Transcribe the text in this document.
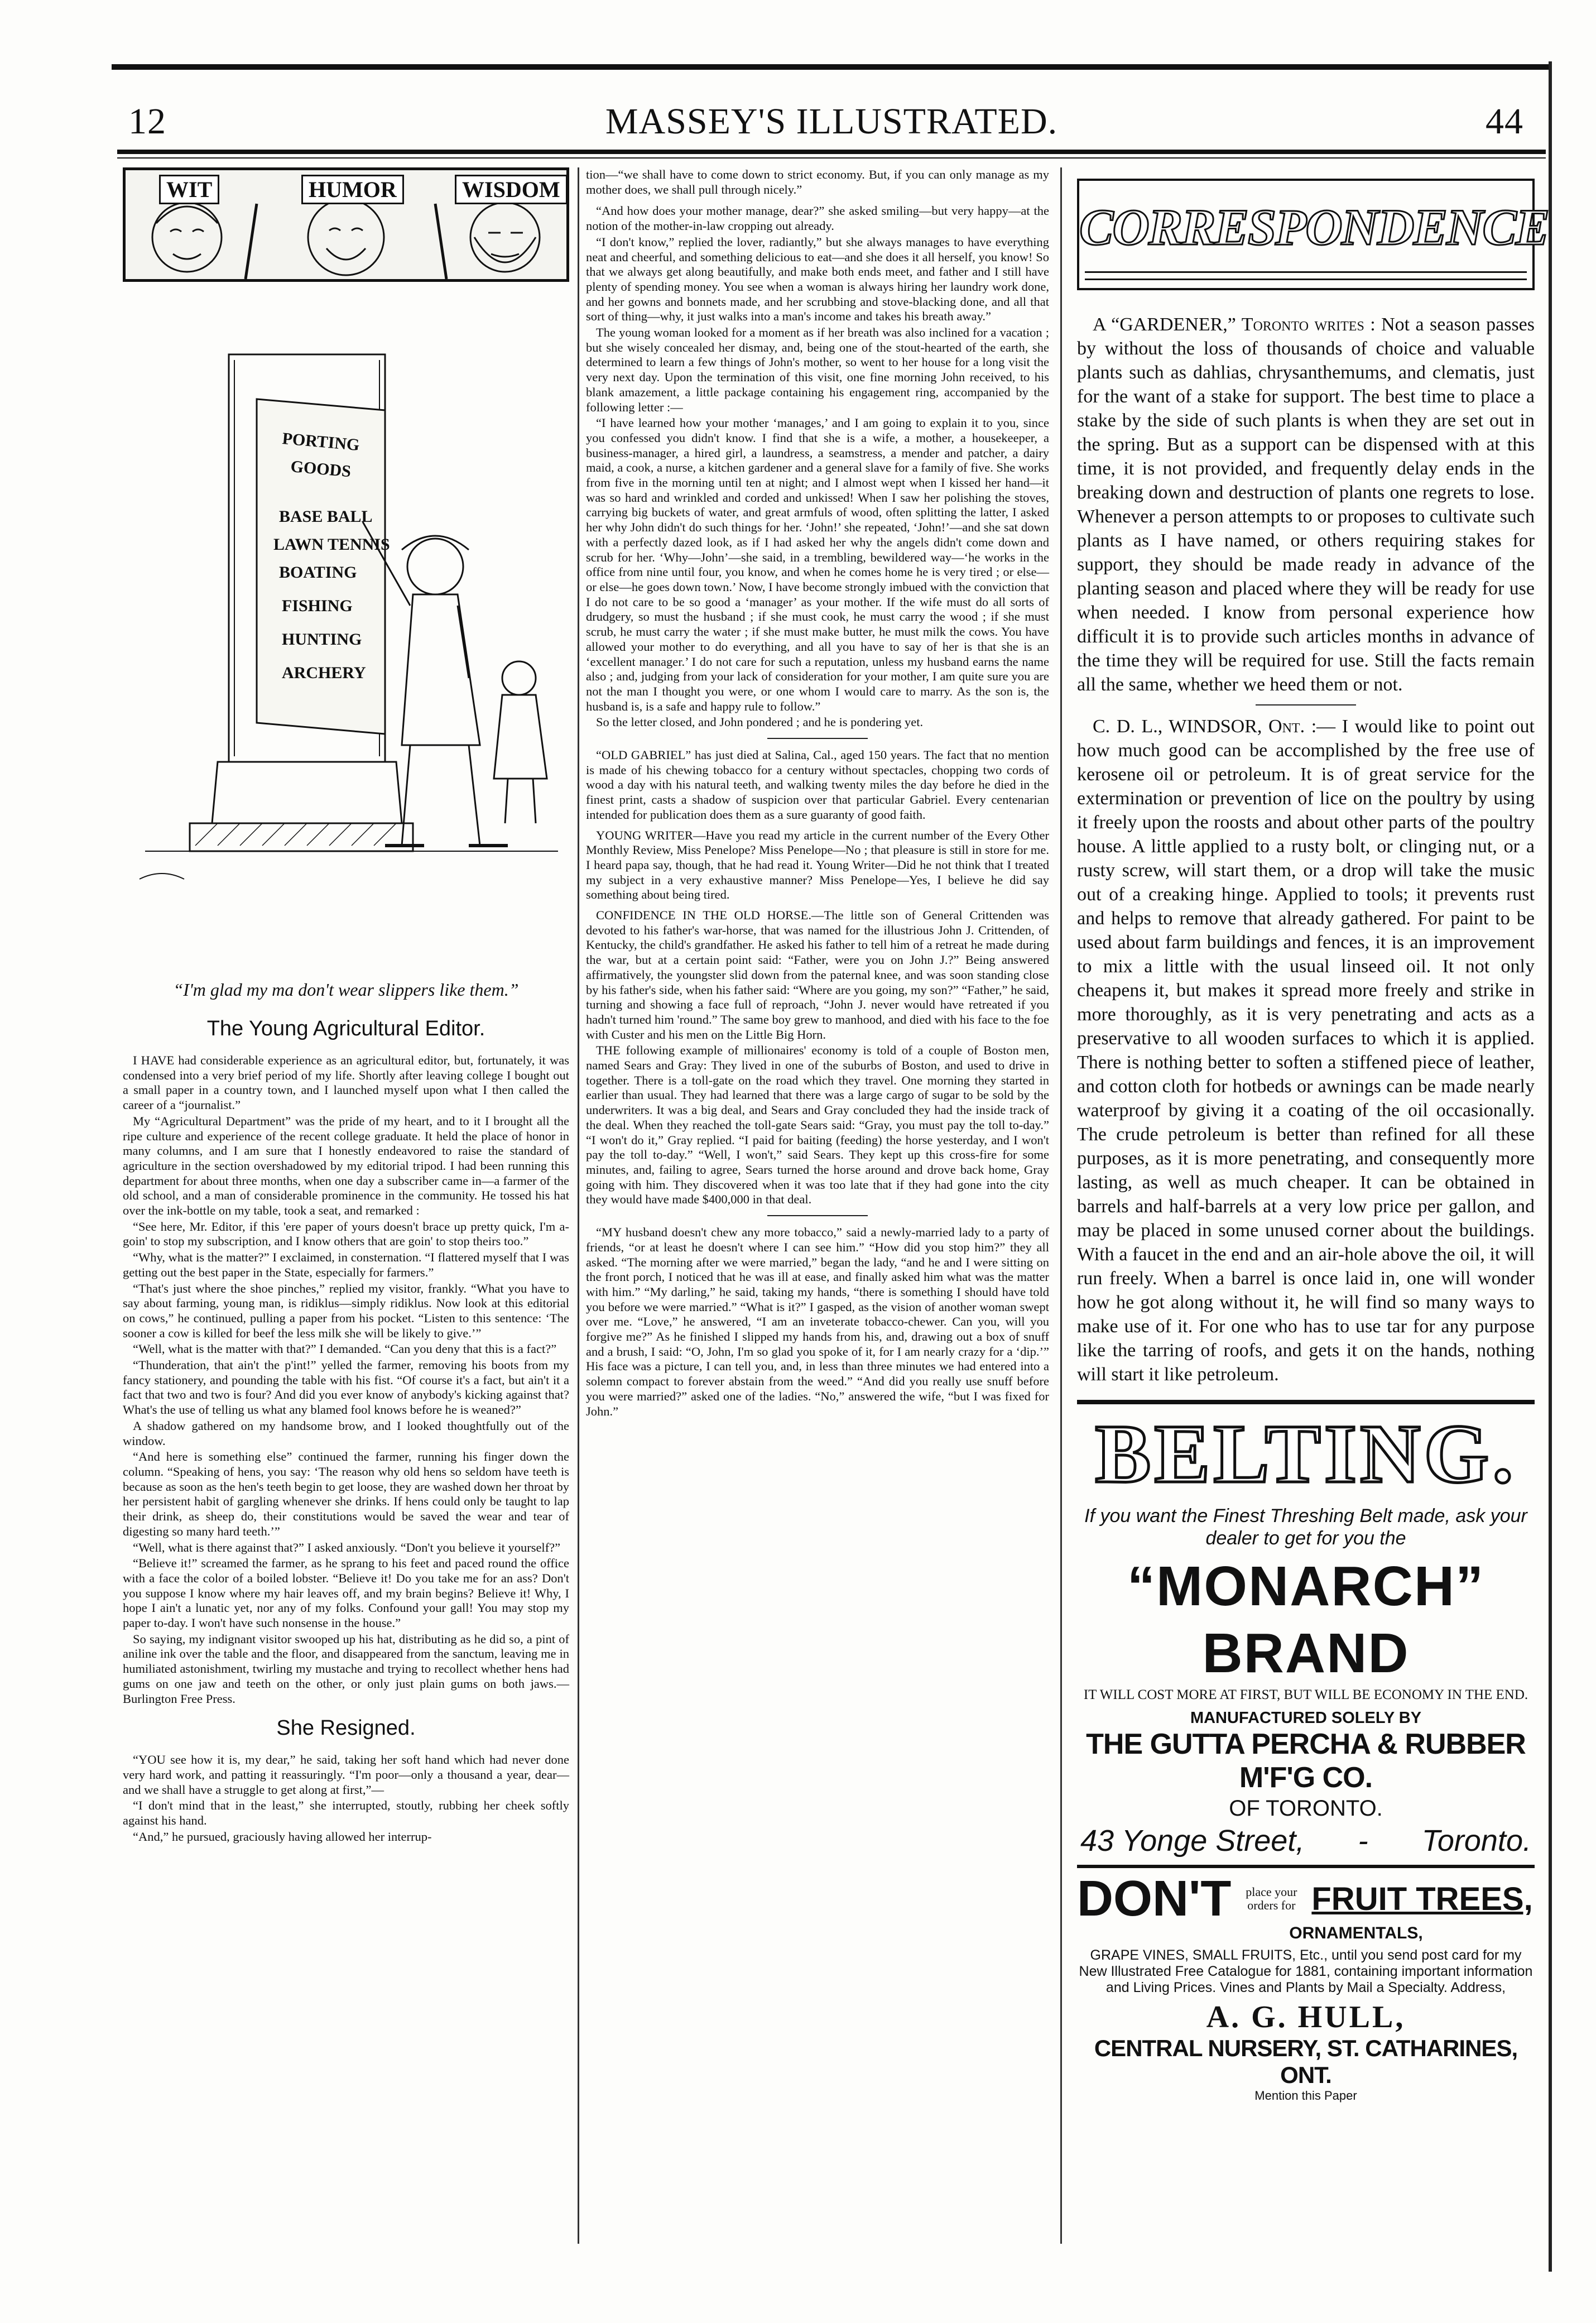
12	MASSEY'S ILLUSTRATED.	44
WIT	HUMOR	WISDOM
PORTING
GOODS
BASE BALL
LAWN TENNIS
BOATING
FISHING
HUNTING
ARCHERY
“I'm glad my ma don't wear slippers like them.”
The Young Agricultural Editor.

I HAVE had considerable experience as an agricultural editor, but, fortunately, it was condensed into a very brief period of my life. Shortly after leaving college I bought out a small paper in a country town, and I launched myself upon what I then called the career of a “journalist.”

My “Agricultural Department” was the pride of my heart, and to it I brought all the ripe culture and experience of the recent college graduate. It held the place of honor in many columns, and I am sure that I honestly endeavored to raise the standard of agriculture in the section overshadowed by my editorial tripod. I had been running this department for about three months, when one day a subscriber came in—a farmer of the old school, and a man of considerable prominence in the community. He tossed his hat over the ink-bottle on my table, took a seat, and remarked :

“See here, Mr. Editor, if this 'ere paper of yours doesn't brace up pretty quick, I'm a-goin' to stop my subscription, and I know others that are goin' to stop theirs too.”

“Why, what is the matter?” I exclaimed, in consternation. “I flattered myself that I was getting out the best paper in the State, especially for farmers.”

“That's just where the shoe pinches,” replied my visitor, frankly. “What you have to say about farming, young man, is ridiklus—simply ridiklus. Now look at this editorial on cows,” he continued, pulling a paper from his pocket. “Listen to this sentence: ‘The sooner a cow is killed for beef the less milk she will be likely to give.’”

“Well, what is the matter with that?” I demanded. “Can you deny that this is a fact?”

“Thunderation, that ain't the p'int!” yelled the farmer, removing his boots from my fancy stationery, and pounding the table with his fist. “Of course it's a fact, but ain't it a fact that two and two is four? And did you ever know of anybody's kicking against that? What's the use of telling us what any blamed fool knows before he is weaned?”

A shadow gathered on my handsome brow, and I looked thoughtfully out of the window.

“And here is something else” continued the farmer, running his finger down the column. “Speaking of hens, you say: ‘The reason why old hens so seldom have teeth is because as soon as the hen's teeth begin to get loose, they are washed down her throat by her persistent habit of gargling whenever she drinks. If hens could only be taught to lap their drink, as sheep do, their constitutions would be saved the wear and tear of digesting so many hard teeth.’”

“Well, what is there against that?” I asked anxiously. “Don't you believe it yourself?”

“Believe it!” screamed the farmer, as he sprang to his feet and paced round the office with a face the color of a boiled lobster. “Believe it! Do you take me for an ass? Don't you suppose I know where my hair leaves off, and my brain begins? Believe it! Why, I hope I ain't a lunatic yet, nor any of my folks. Confound your gall! You may stop my paper to-day. I won't have such nonsense in the house.”

So saying, my indignant visitor swooped up his hat, distributing as he did so, a pint of aniline ink over the table and the floor, and disappeared from the sanctum, leaving me in humiliated astonishment, twirling my mustache and trying to recollect whether hens had gums on one jaw and teeth on the other, or only just plain gums on both jaws.—Burlington Free Press.

She Resigned.

“YOU see how it is, my dear,” he said, taking her soft hand which had never done very hard work, and patting it reassuringly. “I'm poor—only a thousand a year, dear—and we shall have a struggle to get along at first,”—

“I don't mind that in the least,” she interrupted, stoutly, rubbing her cheek softly against his hand.

“And,” he pursued, graciously having allowed her interrup-

tion—“we shall have to come down to strict economy. But, if you can only manage as my mother does, we shall pull through nicely.”

“And how does your mother manage, dear?” she asked smiling—but very happy—at the notion of the mother-in-law cropping out already.

“I don't know,” replied the lover, radiantly,” but she always manages to have everything neat and cheerful, and something delicious to eat—and she does it all herself, you know! So that we always get along beautifully, and make both ends meet, and father and I still have plenty of spending money. You see when a woman is always hiring her laundry work done, and her gowns and bonnets made, and her scrubbing and stove-blacking done, and all that sort of thing—why, it just walks into a man's income and takes his breath away.”

The young woman looked for a moment as if her breath was also inclined for a vacation ; but she wisely concealed her dismay, and, being one of the stout-hearted of the earth, she determined to learn a few things of John's mother, so went to her house for a long visit the very next day. Upon the termination of this visit, one fine morning John received, to his blank amazement, a little package containing his engagement ring, accompanied by the following letter :—

“I have learned how your mother ‘manages,’ and I am going to explain it to you, since you confessed you didn't know. I find that she is a wife, a mother, a housekeeper, a business-manager, a hired girl, a laundress, a seamstress, a mender and patcher, a dairy maid, a cook, a nurse, a kitchen gardener and a general slave for a family of five. She works from five in the morning until ten at night; and I almost wept when I kissed her hand—it was so hard and wrinkled and corded and unkissed! When I saw her polishing the stoves, carrying big buckets of water, and great armfuls of wood, often splitting the latter, I asked her why John didn't do such things for her. ‘John!’ she repeated, ‘John!’—and she sat down with a perfectly dazed look, as if I had asked her why the angels didn't come down and scrub for her. ‘Why—John’—she said, in a trembling, bewildered way—‘he works in the office from nine until four, you know, and when he comes home he is very tired ; or else—or else—he goes down town.’ Now, I have become strongly imbued with the conviction that I do not care to be so good a ‘manager’ as your mother. If the wife must do all sorts of drudgery, so must the husband ; if she must cook, he must carry the wood ; if she must scrub, he must carry the water ; if she must make butter, he must milk the cows. You have allowed your mother to do everything, and all you have to say of her is that she is an ‘excellent manager.’ I do not care for such a reputation, unless my husband earns the name also ; and, judging from your lack of consideration for your mother, I am quite sure you are not the man I thought you were, or one whom I would care to marry. As the son is, the husband is, is a safe and happy rule to follow.”

So the letter closed, and John pondered ; and he is pondering yet.

“OLD GABRIEL” has just died at Salina, Cal., aged 150 years. The fact that no mention is made of his chewing tobacco for a century without spectacles, chopping two cords of wood a day with his natural teeth, and walking twenty miles the day before he died in the finest print, casts a shadow of suspicion over that particular Gabriel. Every centenarian intended for publication does them as a sure guaranty of good faith.

YOUNG WRITER—Have you read my article in the current number of the Every Other Monthly Review, Miss Penelope? Miss Penelope—No ; that pleasure is still in store for me. I heard papa say, though, that he had read it. Young Writer—Did he not think that I treated my subject in a very exhaustive manner? Miss Penelope—Yes, I believe he did say something about being tired.

CONFIDENCE IN THE OLD HORSE.—The little son of General Crittenden was devoted to his father's war-horse, that was named for the illustrious John J. Crittenden, of Kentucky, the child's grandfather. He asked his father to tell him of a retreat he made during the war, but at a certain point said: “Father, were you on John J.?” Being answered affirmatively, the youngster slid down from the paternal knee, and was soon standing close by his father's side, when his father said: “Where are you going, my son?” “Father,” he said, turning and showing a face full of reproach, “John J. never would have retreated if you hadn't turned him 'round.” The same boy grew to manhood, and died with his face to the foe with Custer and his men on the Little Big Horn.

THE following example of millionaires' economy is told of a couple of Boston men, named Sears and Gray: They lived in one of the suburbs of Boston, and used to drive in together. There is a toll-gate on the road which they travel. One morning they started in earlier than usual. They had learned that there was a large cargo of sugar to be sold by the underwriters. It was a big deal, and Sears and Gray concluded they had the inside track of the deal. When they reached the toll-gate Sears said: “Gray, you must pay the toll to-day.” “I won't do it,” Gray replied. “I paid for baiting (feeding) the horse yesterday, and I won't pay the toll to-day.” “Well, I won't,” said Sears. They kept up this cross-fire for some minutes, and, failing to agree, Sears turned the horse around and drove back home, Gray going with him. They discovered when it was too late that if they had gone into the city they would have made $400,000 in that deal.

“MY husband doesn't chew any more tobacco,” said a newly-married lady to a party of friends, “or at least he doesn't where I can see him.” “How did you stop him?” they all asked. “The morning after we were married,” began the lady, “and he and I were sitting on the front porch, I noticed that he was ill at ease, and finally asked him what was the matter with him.” “My darling,” he said, taking my hands, “there is something I should have told you before we were married.” “What is it?” I gasped, as the vision of another woman swept over me. “Love,” he answered, “I am an inveterate tobacco-chewer. Can you, will you forgive me?” As he finished I slipped my hands from his, and, drawing out a box of snuff and a brush, I said: “O, John, I'm so glad you spoke of it, for I am nearly crazy for a ‘dip.’” His face was a picture, I can tell you, and, in less than three minutes we had entered into a solemn compact to forever abstain from the weed.” “And did you really use snuff before you were married?” asked one of the ladies. “No,” answered the wife, “but I was fixed for John.”

CORRESPONDENCE

A “GARDENER,” Toronto writes : Not a season passes by without the loss of thousands of choice and valuable plants such as dahlias, chrysanthemums, and clematis, just for the want of a stake for support. The best time to place a stake by the side of such plants is when they are set out in the spring. But as a support can be dispensed with at this time, it is not provided, and frequently delay ends in the breaking down and destruction of plants one regrets to lose. Whenever a person attempts to or proposes to cultivate such plants as I have named, or others requiring stakes for support, they should be made ready in advance of the planting season and placed where they will be ready for use when needed. I know from personal experience how difficult it is to provide such articles months in advance of the time they will be required for use. Still the facts remain all the same, whether we heed them or not.

C. D. L., WINDSOR, Ont. :— I would like to point out how much good can be accomplished by the free use of kerosene oil or petroleum. It is of great service for the extermination or prevention of lice on the poultry by using it freely upon the roosts and about other parts of the poultry house. A little applied to a rusty bolt, or clinging nut, or a rusty screw, will start them, or a drop will take the music out of a creaking hinge. Applied to tools; it prevents rust and helps to remove that already gathered. For paint to be used about farm buildings and fences, it is an improvement to mix a little with the usual linseed oil. It not only cheapens it, but makes it spread more freely and strike in more thoroughly, as it is very penetrating and acts as a preservative to all wooden surfaces to which it is applied. There is nothing better to soften a stiffened piece of leather, and cotton cloth for hotbeds or awnings can be made nearly waterproof by giving it a coating of the oil occasionally. The crude petroleum is better than refined for all these purposes, as it is more penetrating, and consequently more lasting, as well as much cheaper. It can be obtained in barrels and half-barrels at a very low price per gallon, and may be placed in some unused corner about the buildings. With a faucet in the end and an air-hole above the oil, it will run freely. When a barrel is once laid in, one will wonder how he got along without it, he will find so many ways to make use of it. For one who has to use tar for any purpose like the tarring of roofs, and gets it on the hands, nothing will start it like petroleum.

BELTING.
If you want the Finest Threshing Belt made, ask your dealer to get for you the
“MONARCH” BRAND
IT WILL COST MORE AT FIRST, BUT WILL BE ECONOMY IN THE END.
MANUFACTURED SOLELY BY
THE GUTTA PERCHA & RUBBER M'F'G CO.
OF TORONTO.
43 Yonge Street, - Toronto.
DON'T	place your orders for FRUIT TREES,
ORNAMENTALS,
GRAPE VINES, SMALL FRUITS, Etc., until you send post card for my New Illustrated Free Catalogue for 1881, containing important information and Living Prices. Vines and Plants by Mail a Specialty. Address,
A. G. HULL,
CENTRAL NURSERY, ST. CATHARINES, ONT.
Mention this Paper
